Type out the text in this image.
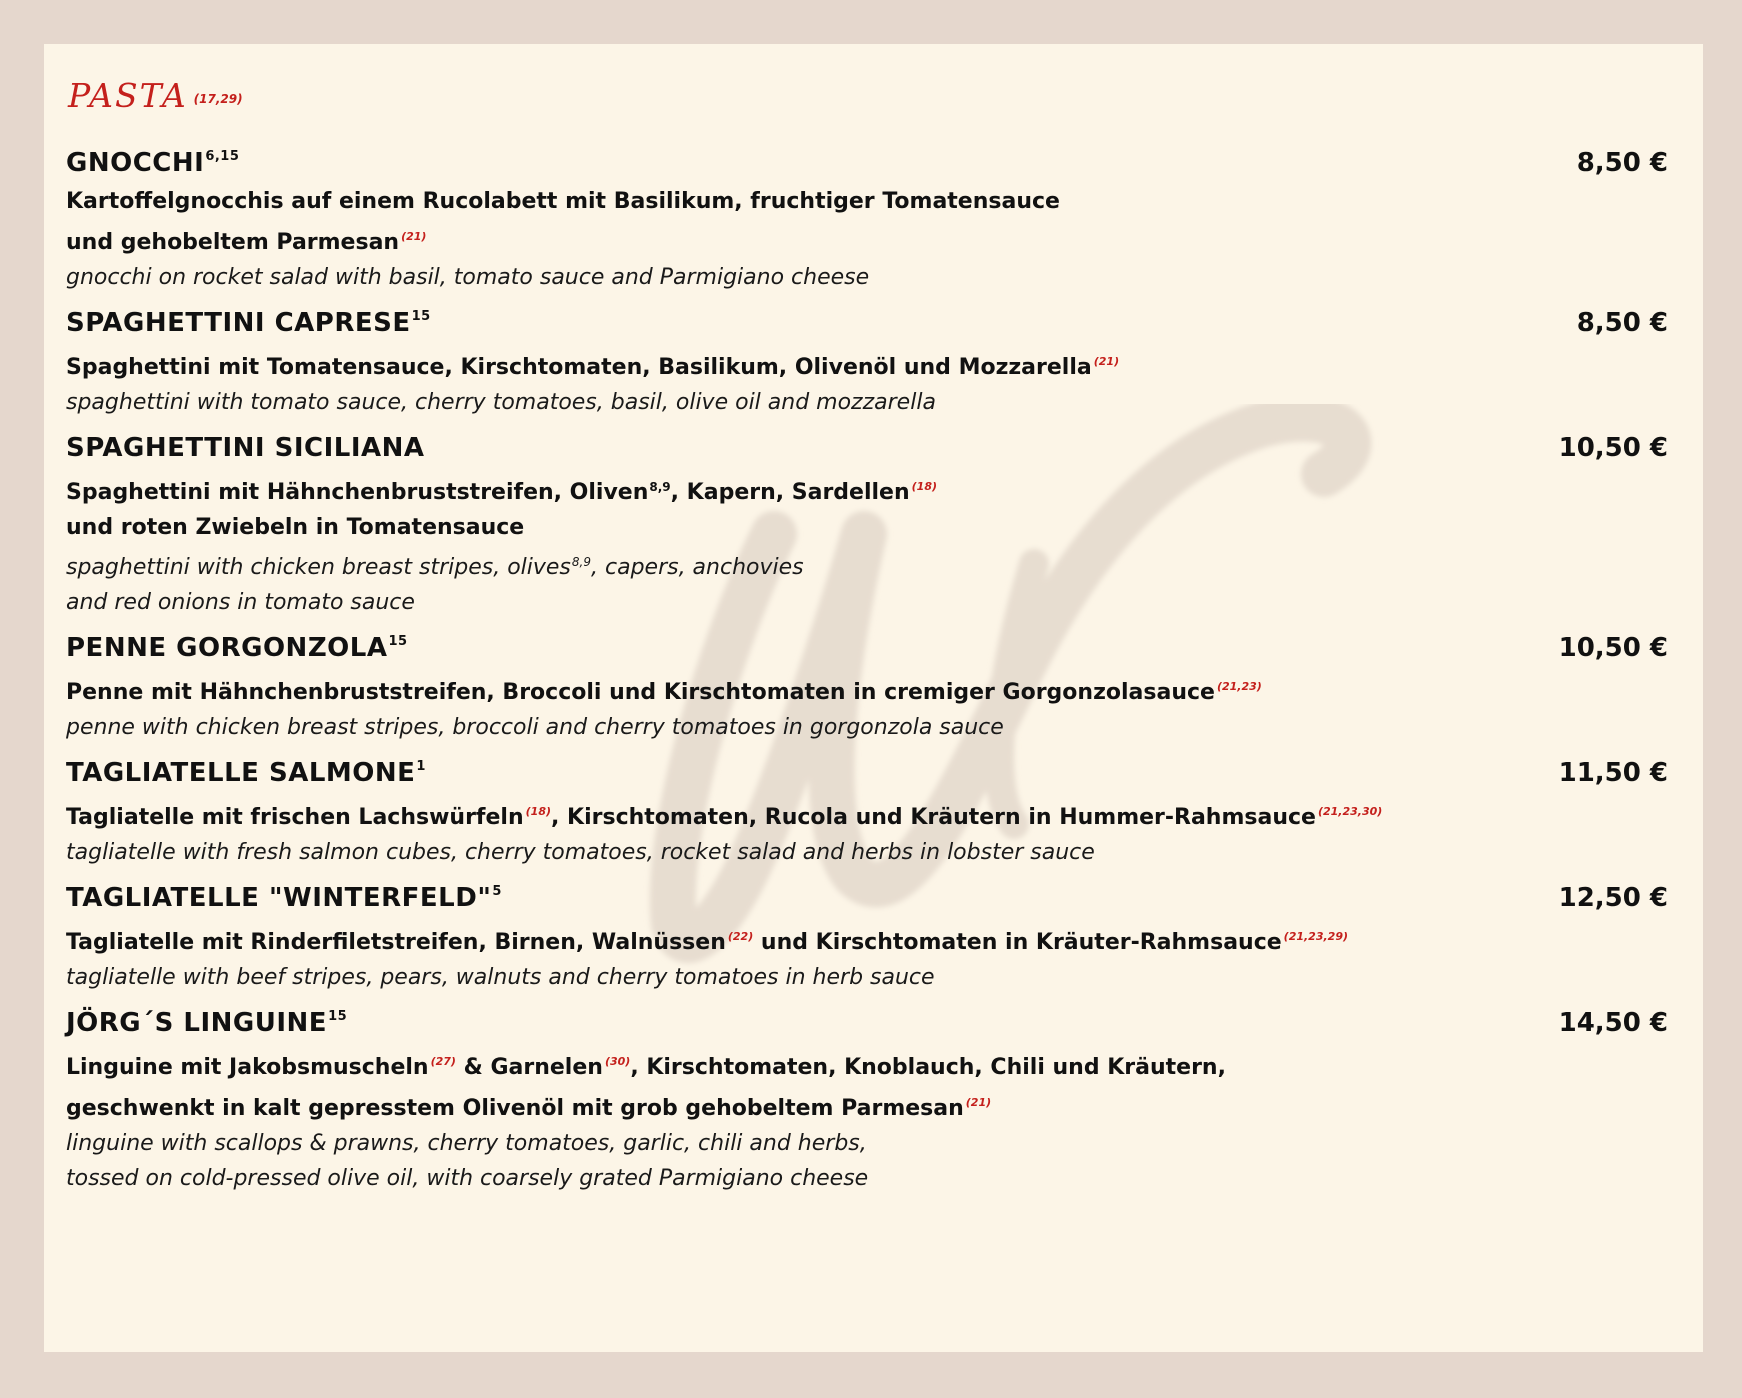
PASTA (17,29)
GNOCCHI$^{6,15}$	8,50 €
Kartoffelgnocchis auf einem Rucolabett mit Basilikum, fruchtiger Tomatensauce
und gehobeltem Parmesan $^{(21)}$
gnocchi on rocket salad with basil, tomato sauce and Parmigiano cheese
SPAGHETTINI CAPRESE$^{15}$	8,50 €
Spaghettini mit Tomatensauce, Kirschtomaten, Basilikum, Olivenöl und Mozzarella $^{(21)}$
spaghettini with tomato sauce, cherry tomatoes, basil, olive oil and mozzarella
SPAGHETTINI SICILIANA	10,50 €
Spaghettini mit Hähnchenbruststreifen, Oliven$^{8,9}$, Kapern, Sardellen $^{(18)}$
und roten Zwiebeln in Tomatensauce
spaghettini with chicken breast stripes, olives$^{8,9}$, capers, anchovies
and red onions in tomato sauce
PENNE GORGONZOLA$^{15}$	10,50 €
Penne mit Hähnchenbruststreifen, Broccoli und Kirschtomaten in cremiger Gorgonzolasauce $^{(21,23)}$
penne with chicken breast stripes, broccoli and cherry tomatoes in gorgonzola sauce
TAGLIATELLE SALMONE$^1$	11,50 €
Tagliatelle mit frischen Lachswürfeln $^{(18)}$, Kirschtomaten, Rucola und Kräutern in Hummer-Rahmsauce $^{(21,23,30)}$
tagliatelle with fresh salmon cubes, cherry tomatoes, rocket salad and herbs in lobster sauce
TAGLIATELLE "WINTERFELD"$^5$	12,50 €
Tagliatelle mit Rinderfiletstreifen, Birnen, Walnüssen $^{(22)}$ und Kirschtomaten in Kräuter-Rahmsauce $^{(21,23,29)}$
tagliatelle with beef stripes, pears, walnuts and cherry tomatoes in herb sauce
JÖRG´S LINGUINE$^{15}$	14,50 €
Linguine mit Jakobsmuscheln $^{(27)}$ & Garnelen $^{(30)}$, Kirschtomaten, Knoblauch, Chili und Kräutern,
geschwenkt in kalt gepresstem Olivenöl mit grob gehobeltem Parmesan $^{(21)}$
linguine with scallops & prawns, cherry tomatoes, garlic, chili and herbs,
tossed on cold-pressed olive oil, with coarsely grated Parmigiano cheese
